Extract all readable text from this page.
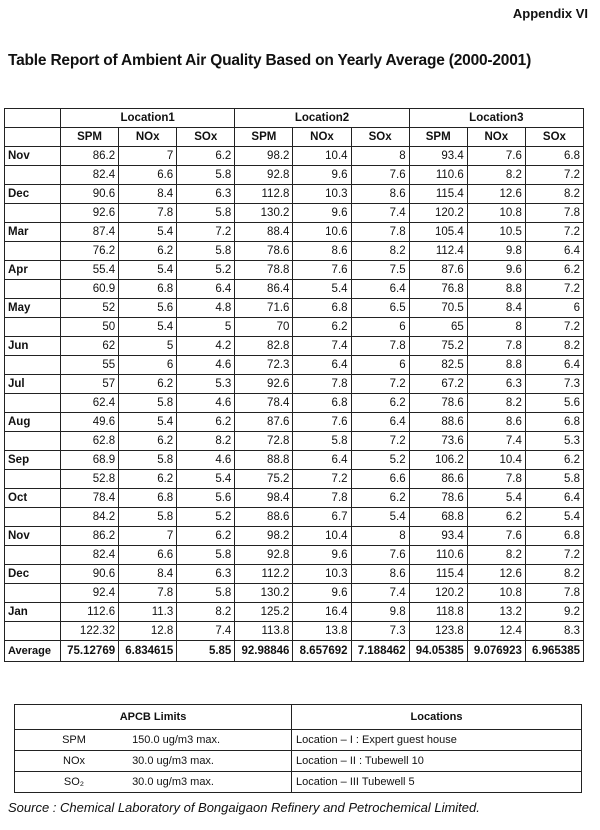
Appendix VI
Table Report of Ambient Air Quality Based on Yearly Average (2000-2001)
	Location1			Location2			Location3		
	SPM	NOx	SOx	SPM	NOx	SOx	SPM	NOx	SOx
Nov	86.2	7	6.2	98.2	10.4	8	93.4	7.6	6.8
	82.4	6.6	5.8	92.8	9.6	7.6	110.6	8.2	7.2
Dec	90.6	8.4	6.3	112.8	10.3	8.6	115.4	12.6	8.2
	92.6	7.8	5.8	130.2	9.6	7.4	120.2	10.8	7.8
Mar	87.4	5.4	7.2	88.4	10.6	7.8	105.4	10.5	7.2
	76.2	6.2	5.8	78.6	8.6	8.2	112.4	9.8	6.4
Apr	55.4	5.4	5.2	78.8	7.6	7.5	87.6	9.6	6.2
	60.9	6.8	6.4	86.4	5.4	6.4	76.8	8.8	7.2
May	52	5.6	4.8	71.6	6.8	6.5	70.5	8.4	6
	50	5.4	5	70	6.2	6	65	8	7.2
Jun	62	5	4.2	82.8	7.4	7.8	75.2	7.8	8.2
	55	6	4.6	72.3	6.4	6	82.5	8.8	6.4
Jul	57	6.2	5.3	92.6	7.8	7.2	67.2	6.3	7.3
	62.4	5.8	4.6	78.4	6.8	6.2	78.6	8.2	5.6
Aug	49.6	5.4	6.2	87.6	7.6	6.4	88.6	8.6	6.8
	62.8	6.2	8.2	72.8	5.8	7.2	73.6	7.4	5.3
Sep	68.9	5.8	4.6	88.8	6.4	5.2	106.2	10.4	6.2
	52.8	6.2	5.4	75.2	7.2	6.6	86.6	7.8	5.8
Oct	78.4	6.8	5.6	98.4	7.8	6.2	78.6	5.4	6.4
	84.2	5.8	5.2	88.6	6.7	5.4	68.8	6.2	5.4
Nov	86.2	7	6.2	98.2	10.4	8	93.4	7.6	6.8
	82.4	6.6	5.8	92.8	9.6	7.6	110.6	8.2	7.2
Dec	90.6	8.4	6.3	112.2	10.3	8.6	115.4	12.6	8.2
	92.4	7.8	5.8	130.2	9.6	7.4	120.2	10.8	7.8
Jan	112.6	11.3	8.2	125.2	16.4	9.8	118.8	13.2	9.2
	122.32	12.8	7.4	113.8	13.8	7.3	123.8	12.4	8.3
Average	75.12769	6.834615	5.85	92.98846	8.657692	7.188462	94.05385	9.076923	6.965385
APCB Limits	Locations
SPM 150.0 ug/m3 max.	Location – I : Expert guest house
NOx 30.0 ug/m3 max.	Location – II : Tubewell 10
SO₂ 30.0 ug/m3 max.	Location – III Tubewell 5
Source : Chemical Laboratory of Bongaigaon Refinery and Petrochemical Limited.
